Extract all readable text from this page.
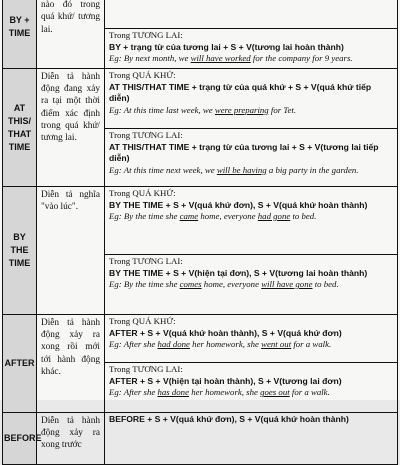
BY +
TIME	nào đó trong quá khứ/ tương lai.	

		Trong TƯƠNG LAI:
BY + trạng từ của tương lai + S + V(tương lai hoàn thành)
Eg: By next month, we will have worked for the company for 9 years.

AT
THIS/
THAT
TIME	Diễn tả hành động đang xảy ra tại một thời điểm xác định trong quá khứ/ tương lai.	Trong QUÁ KHỨ:
AT THIS/THAT TIME + trạng từ của quá khứ + S + V(quá khứ tiếp diễn)
Eg: At this time last week, we were preparing for Tet.

		Trong TƯƠNG LAI:
AT THIS/THAT TIME + trạng từ của tương lai + S + V(tương lai tiếp diễn)
Eg: At this time next week, we will be having a big party in the garden.

BY THE
TIME	Diễn tả nghĩa "vào lúc".	Trong QUÁ KHỨ:
BY THE TIME + S + V(quá khứ đơn), S + V(quá khứ hoàn thành)
Eg: By the time she came home, everyone had gone to bed.

		Trong TƯƠNG LAI:
BY THE TIME + S + V(hiện tại đơn), S + V(tương lai hoàn thành)
Eg: By the time she comes home, everyone will have gone to bed.

AFTER	Diễn tả hành động xảy ra xong rồi mới tới hành động khác.	Trong QUÁ KHỨ:
AFTER + S + V(quá khứ hoàn thành), S + V(quá khứ đơn)
Eg: After she had done her homework, she went out for a walk.

		Trong TƯƠNG LAI:
AFTER + S + V(hiện tại hoàn thành), S + V(tương lai đơn)
Eg: After she has done her homework, she goes out for a walk.

BEFORE	Diễn tả hành động xảy ra xong trước	BEFORE + S + V(quá khứ đơn), S + V(quá khứ hoàn thành)
